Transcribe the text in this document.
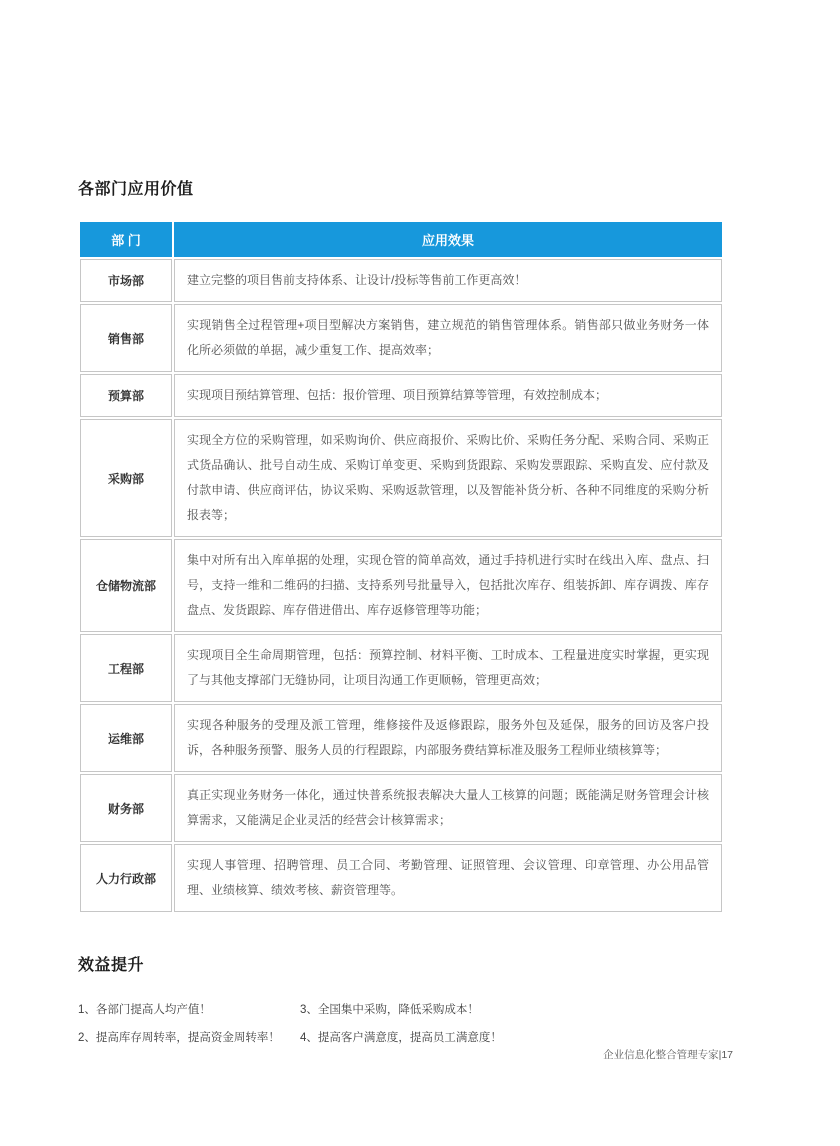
各部门应用价值
部 门	应用效果
市场部	建立完整的项目售前支持体系、让设计/投标等售前工作更高效！
销售部	实现销售全过程管理+项目型解决方案销售，建立规范的销售管理体系。销售部只做业务财务一体化所必须做的单据，减少重复工作、提高效率；
预算部	实现项目预结算管理、包括：报价管理、项目预算结算等管理，有效控制成本；
采购部	实现全方位的采购管理，如采购询价、供应商报价、采购比价、采购任务分配、采购合同、采购正式货品确认、批号自动生成、采购订单变更、采购到货跟踪、采购发票跟踪、采购直发、应付款及付款申请、供应商评估，协议采购、采购返款管理，以及智能补货分析、各种不同维度的采购分析报表等；
仓储物流部	集中对所有出入库单据的处理，实现仓管的简单高效，通过手持机进行实时在线出入库、盘点、扫号，支持一维和二维码的扫描、支持系列号批量导入，包括批次库存、组装拆卸、库存调拨、库存盘点、发货跟踪、库存借进借出、库存返修管理等功能；
工程部	实现项目全生命周期管理，包括：预算控制、材料平衡、工时成本、工程量进度实时掌握，更实现了与其他支撑部门无缝协同，让项目沟通工作更顺畅，管理更高效；
运维部	实现各种服务的受理及派工管理，维修接件及返修跟踪，服务外包及延保，服务的回访及客户投诉，各种服务预警、服务人员的行程跟踪，内部服务费结算标准及服务工程师业绩核算等；
财务部	真正实现业务财务一体化，通过快普系统报表解决大量人工核算的问题；既能满足财务管理会计核算需求，又能满足企业灵活的经营会计核算需求；
人力行政部	实现人事管理、招聘管理、员工合同、考勤管理、证照管理、会议管理、印章管理、办公用品管理、业绩核算、绩效考核、薪资管理等。
效益提升
1、各部门提高人均产值！
2、提高库存周转率，提高资金周转率！
3、全国集中采购，降低采购成本！
4、提高客户满意度，提高员工满意度！
企业信息化整合管理专家|17
